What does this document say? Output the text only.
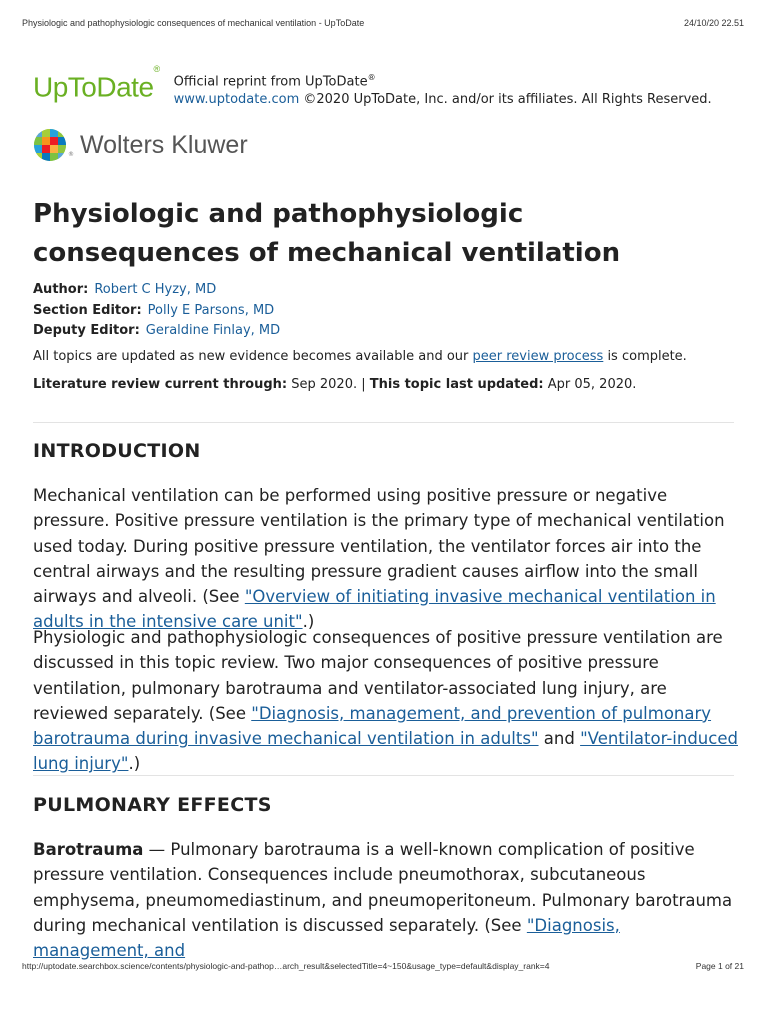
Physiologic and pathophysiologic consequences of mechanical ventilation - UpToDate	24/10/20 22.51
UpToDate®
Official reprint from UpToDate®
www.uptodate.com ©2020 UpToDate, Inc. and/or its affiliates. All Rights Reserved.
® Wolters Kluwer
Physiologic and pathophysiologic consequences of mechanical ventilation
Author: Robert C Hyzy, MD
Section Editor: Polly E Parsons, MD
Deputy Editor: Geraldine Finlay, MD
All topics are updated as new evidence becomes available and our peer review process is complete.
Literature review current through: Sep 2020. | This topic last updated: Apr 05, 2020.
INTRODUCTION

Mechanical ventilation can be performed using positive pressure or negative pressure. Positive pressure ventilation is the primary type of mechanical ventilation used today. During positive pressure ventilation, the ventilator forces air into the central airways and the resulting pressure gradient causes airflow into the small airways and alveoli. (See "Overview of initiating invasive mechanical ventilation in adults in the intensive care unit".)

Physiologic and pathophysiologic consequences of positive pressure ventilation are discussed in this topic review. Two major consequences of positive pressure ventilation, pulmonary barotrauma and ventilator-associated lung injury, are reviewed separately. (See "Diagnosis, management, and prevention of pulmonary barotrauma during invasive mechanical ventilation in adults" and "Ventilator-induced lung injury".)

PULMONARY EFFECTS

Barotrauma — Pulmonary barotrauma is a well-known complication of positive pressure ventilation. Consequences include pneumothorax, subcutaneous emphysema, pneumomediastinum, and pneumoperitoneum. Pulmonary barotrauma during mechanical ventilation is discussed separately. (See "Diagnosis, management, and

http://uptodate.searchbox.science/contents/physiologic-and-pathop…arch_result&selectedTitle=4~150&usage_type=default&display_rank=4	Page 1 of 21
